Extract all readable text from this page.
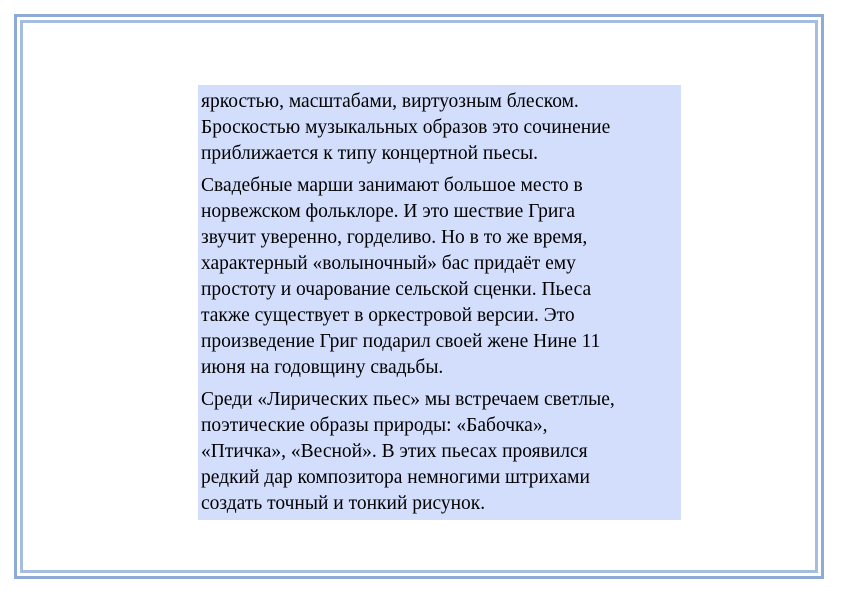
яркостью, масштабами, виртуозным блеском.
Броскостью музыкальных образов это сочинение
приближается к типу концертной пьесы.

Свадебные марши занимают большое место в
норвежском фольклоре. И это шествие Грига
звучит уверенно, горделиво. Но в то же время,
характерный «волыночный» бас придаёт ему
простоту и очарование сельской сценки. Пьеса
также существует в оркестровой версии. Это
произведение Григ подарил своей жене Нине 11
июня на годовщину свадьбы.

Среди «Лирических пьес» мы встречаем светлые,
поэтические образы природы: «Бабочка»,
«Птичка», «Весной». В этих пьесах проявился
редкий дар композитора немногими штрихами
создать точный и тонкий рисунок.
